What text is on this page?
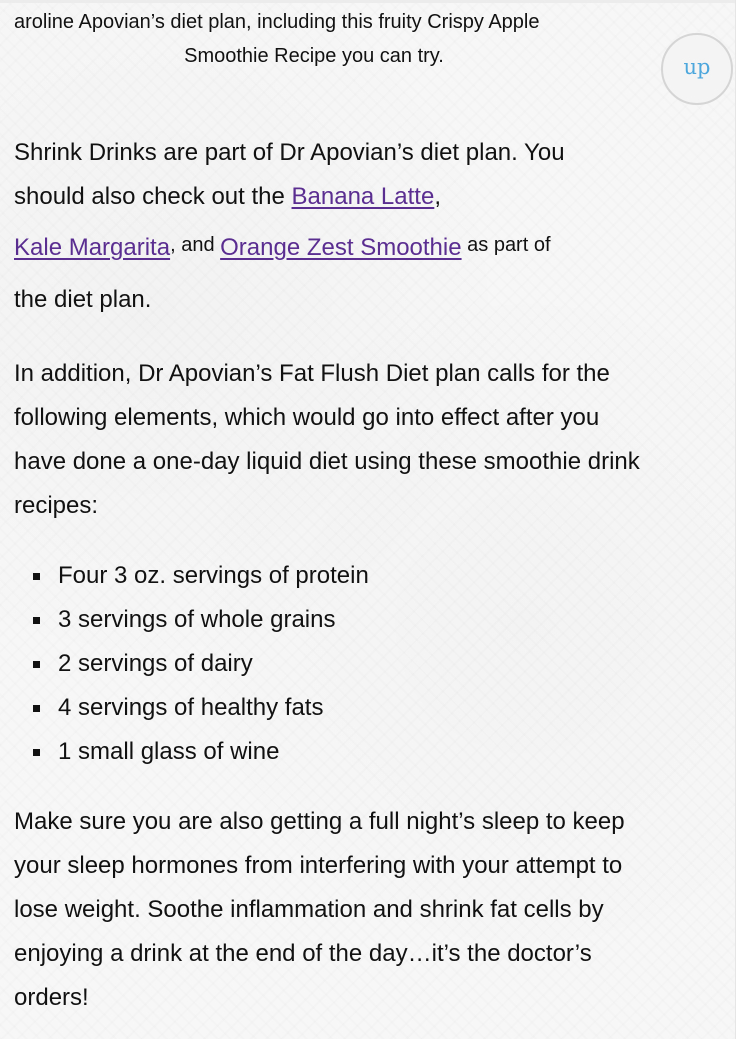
aroline Apovian’s diet plan, including this fruity Crispy Apple
Smoothie Recipe you can try.	up

Shrink Drinks are part of Dr Apovian’s diet plan. You
should also check out the Banana Latte,
Kale Margarita, and Orange Zest Smoothie as part of
the diet plan.

In addition, Dr Apovian’s Fat Flush Diet plan calls for the following elements, which would go into effect after you have done a one-day liquid diet using these smoothie drink recipes:

Four 3 oz. servings of protein
3 servings of whole grains
2 servings of dairy
4 servings of healthy fats
1 small glass of wine

Make sure you are also getting a full night’s sleep to keep your sleep hormones from interfering with your attempt to lose weight. Soothe inflammation and shrink fat cells by enjoying a drink at the end of the day…it’s the doctor’s orders!
